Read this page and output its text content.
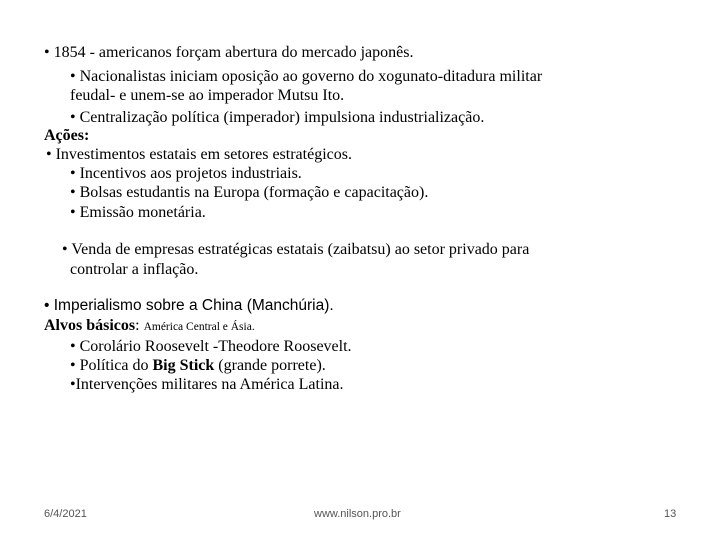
• 1854 - americanos forçam abertura do mercado japonês.
• Nacionalistas iniciam oposição ao governo do xogunato-ditadura militar
feudal- e unem-se ao imperador Mutsu Ito.
• Centralização política (imperador) impulsiona industrialização.
Ações:
• Investimentos estatais em setores estratégicos.
• Incentivos aos projetos industriais.
• Bolsas estudantis na Europa (formação e capacitação).
• Emissão monetária.
• Venda de empresas estratégicas estatais (zaibatsu) ao setor privado para
controlar a inflação.
• Imperialismo sobre a China (Manchúria).
Alvos básicos: América Central e Ásia.
• Corolário Roosevelt -Theodore Roosevelt.
• Política do Big Stick (grande porrete).
•Intervenções militares na América Latina.
6/4/2021	www.nilson.pro.br	13
